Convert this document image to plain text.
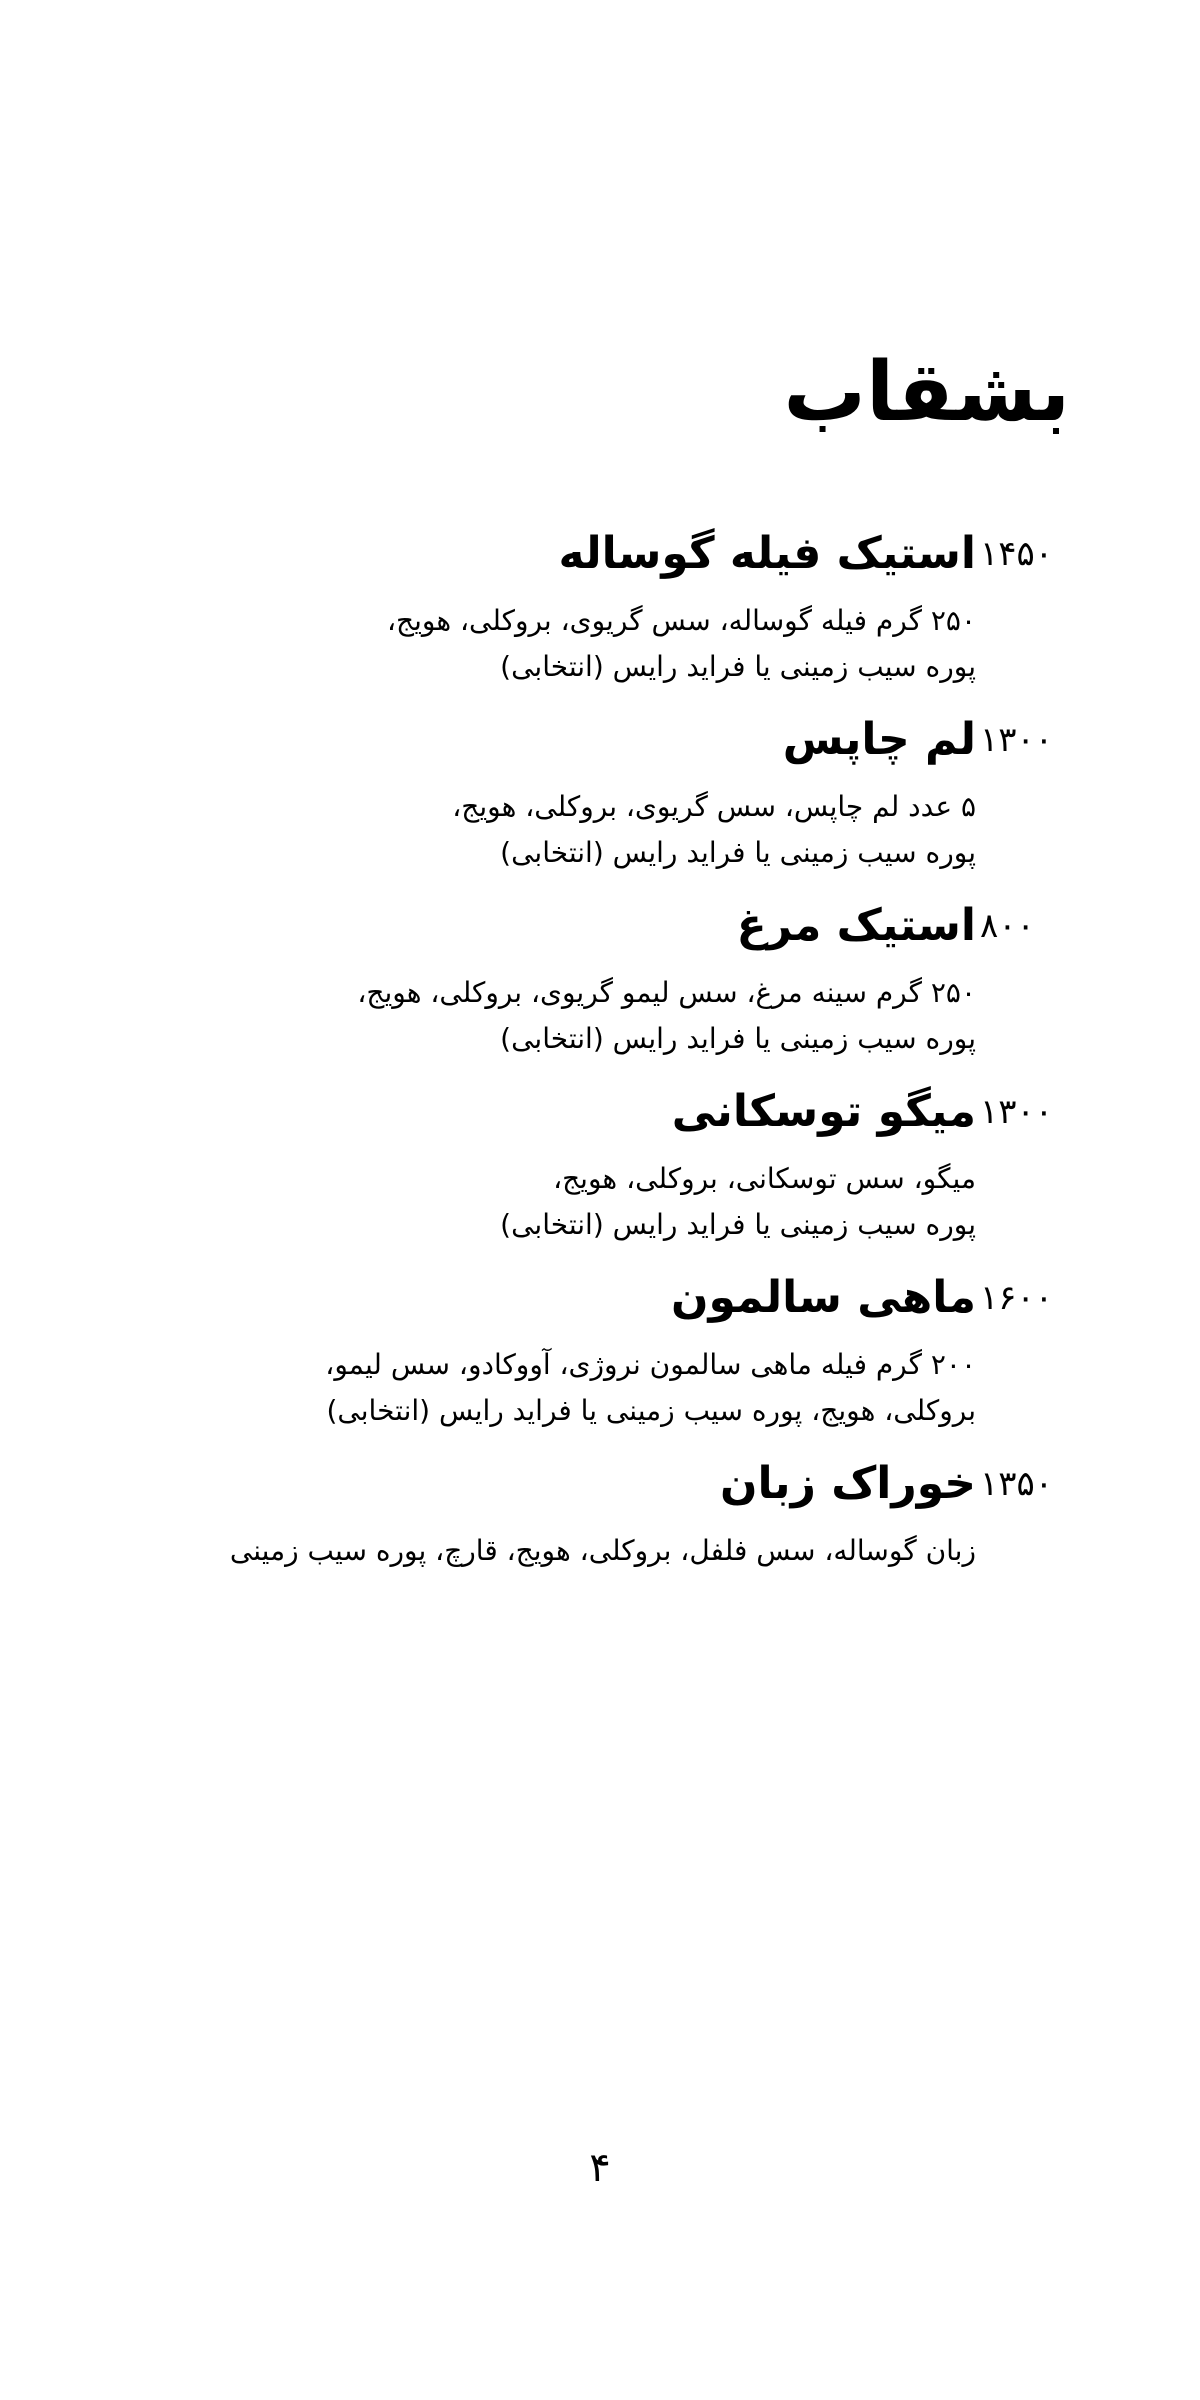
بشقاب
۱۴۵۰
استیک فیله گوساله

۲۵۰ گرم فیله گوساله، سس گریوی، بروکلی، هویج،
پوره سیب زمینی یا فراید رایس (انتخابی)

۱۳۰۰
لم چاپس

۵ عدد لم چاپس، سس گریوی، بروکلی، هویج،
پوره سیب زمینی یا فراید رایس (انتخابی)

۸۰۰
استیک مرغ

۲۵۰ گرم سینه مرغ، سس لیمو گریوی، بروکلی، هویج،
پوره سیب زمینی یا فراید رایس (انتخابی)

۱۳۰۰
میگو توسکانی

میگو، سس توسکانی، بروکلی، هویج،
پوره سیب زمینی یا فراید رایس (انتخابی)

۱۶۰۰
ماهی سالمون

۲۰۰ گرم فیله ماهی سالمون نروژی، آووکادو، سس لیمو،
بروکلی، هویج، پوره سیب زمینی یا فراید رایس (انتخابی)

۱۳۵۰
خوراک زبان

زبان گوساله، سس فلفل، بروکلی، هویج، قارچ، پوره سیب زمینی

۴
